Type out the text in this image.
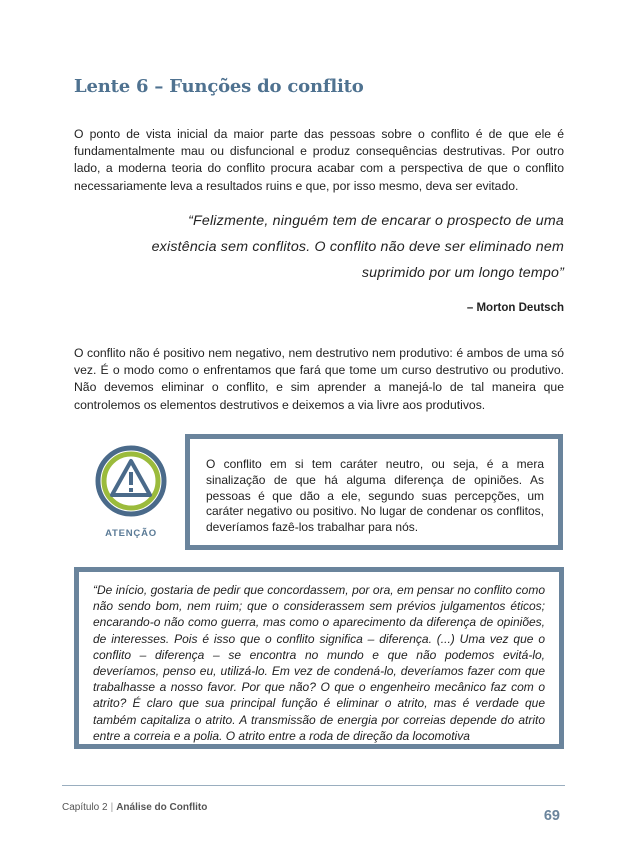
Lente 6 – Funções do conflito

O ponto de vista inicial da maior parte das pessoas sobre o conflito é de que ele é fundamentalmente mau ou disfuncional e produz consequências destrutivas. Por outro lado, a moderna teoria do conflito procura acabar com a perspectiva de que o conflito necessariamente leva a resultados ruins e que, por isso mesmo, deva ser evitado.

“Felizmente, ninguém tem de encarar o prospecto de uma existência sem conflitos. O conflito não deve ser eliminado nem suprimido por um longo tempo”

– Morton Deutsch

O conflito não é positivo nem negativo, nem destrutivo nem produtivo: é ambos de uma só vez. É o modo como o enfrentamos que fará que tome um curso destrutivo ou produtivo. Não devemos eliminar o conflito, e sim aprender a manejá-lo de tal maneira que controlemos os elementos destrutivos e deixemos a via livre aos produtivos.

ATENÇÃO

O conflito em si tem caráter neutro, ou seja, é a mera sinalização de que há alguma diferença de opiniões. As pessoas é que dão a ele, segundo suas percepções, um caráter negativo ou positivo. No lugar de condenar os conflitos, deveríamos fazê-los trabalhar para nós.

“De início, gostaria de pedir que concordassem, por ora, em pensar no conflito como não sendo bom, nem ruim; que o considerassem sem prévios julgamentos éticos; encarando-o não como guerra, mas como o aparecimento da diferença de opiniões, de interesses. Pois é isso que o conflito significa – diferença. (...) Uma vez que o conflito – diferença – se encontra no mundo e que não podemos evitá-lo, deveríamos, penso eu, utilizá-lo. Em vez de condená-lo, deveríamos fazer com que trabalhasse a nosso favor. Por que não? O que o engenheiro mecânico faz com o atrito? É claro que sua principal função é eliminar o atrito, mas é verdade que também capitaliza o atrito. A transmissão de energia por correias depende do atrito entre a correia e a polia. O atrito entre a roda de direção da locomotiva

Capítulo 2 | Análise do Conflito
69
